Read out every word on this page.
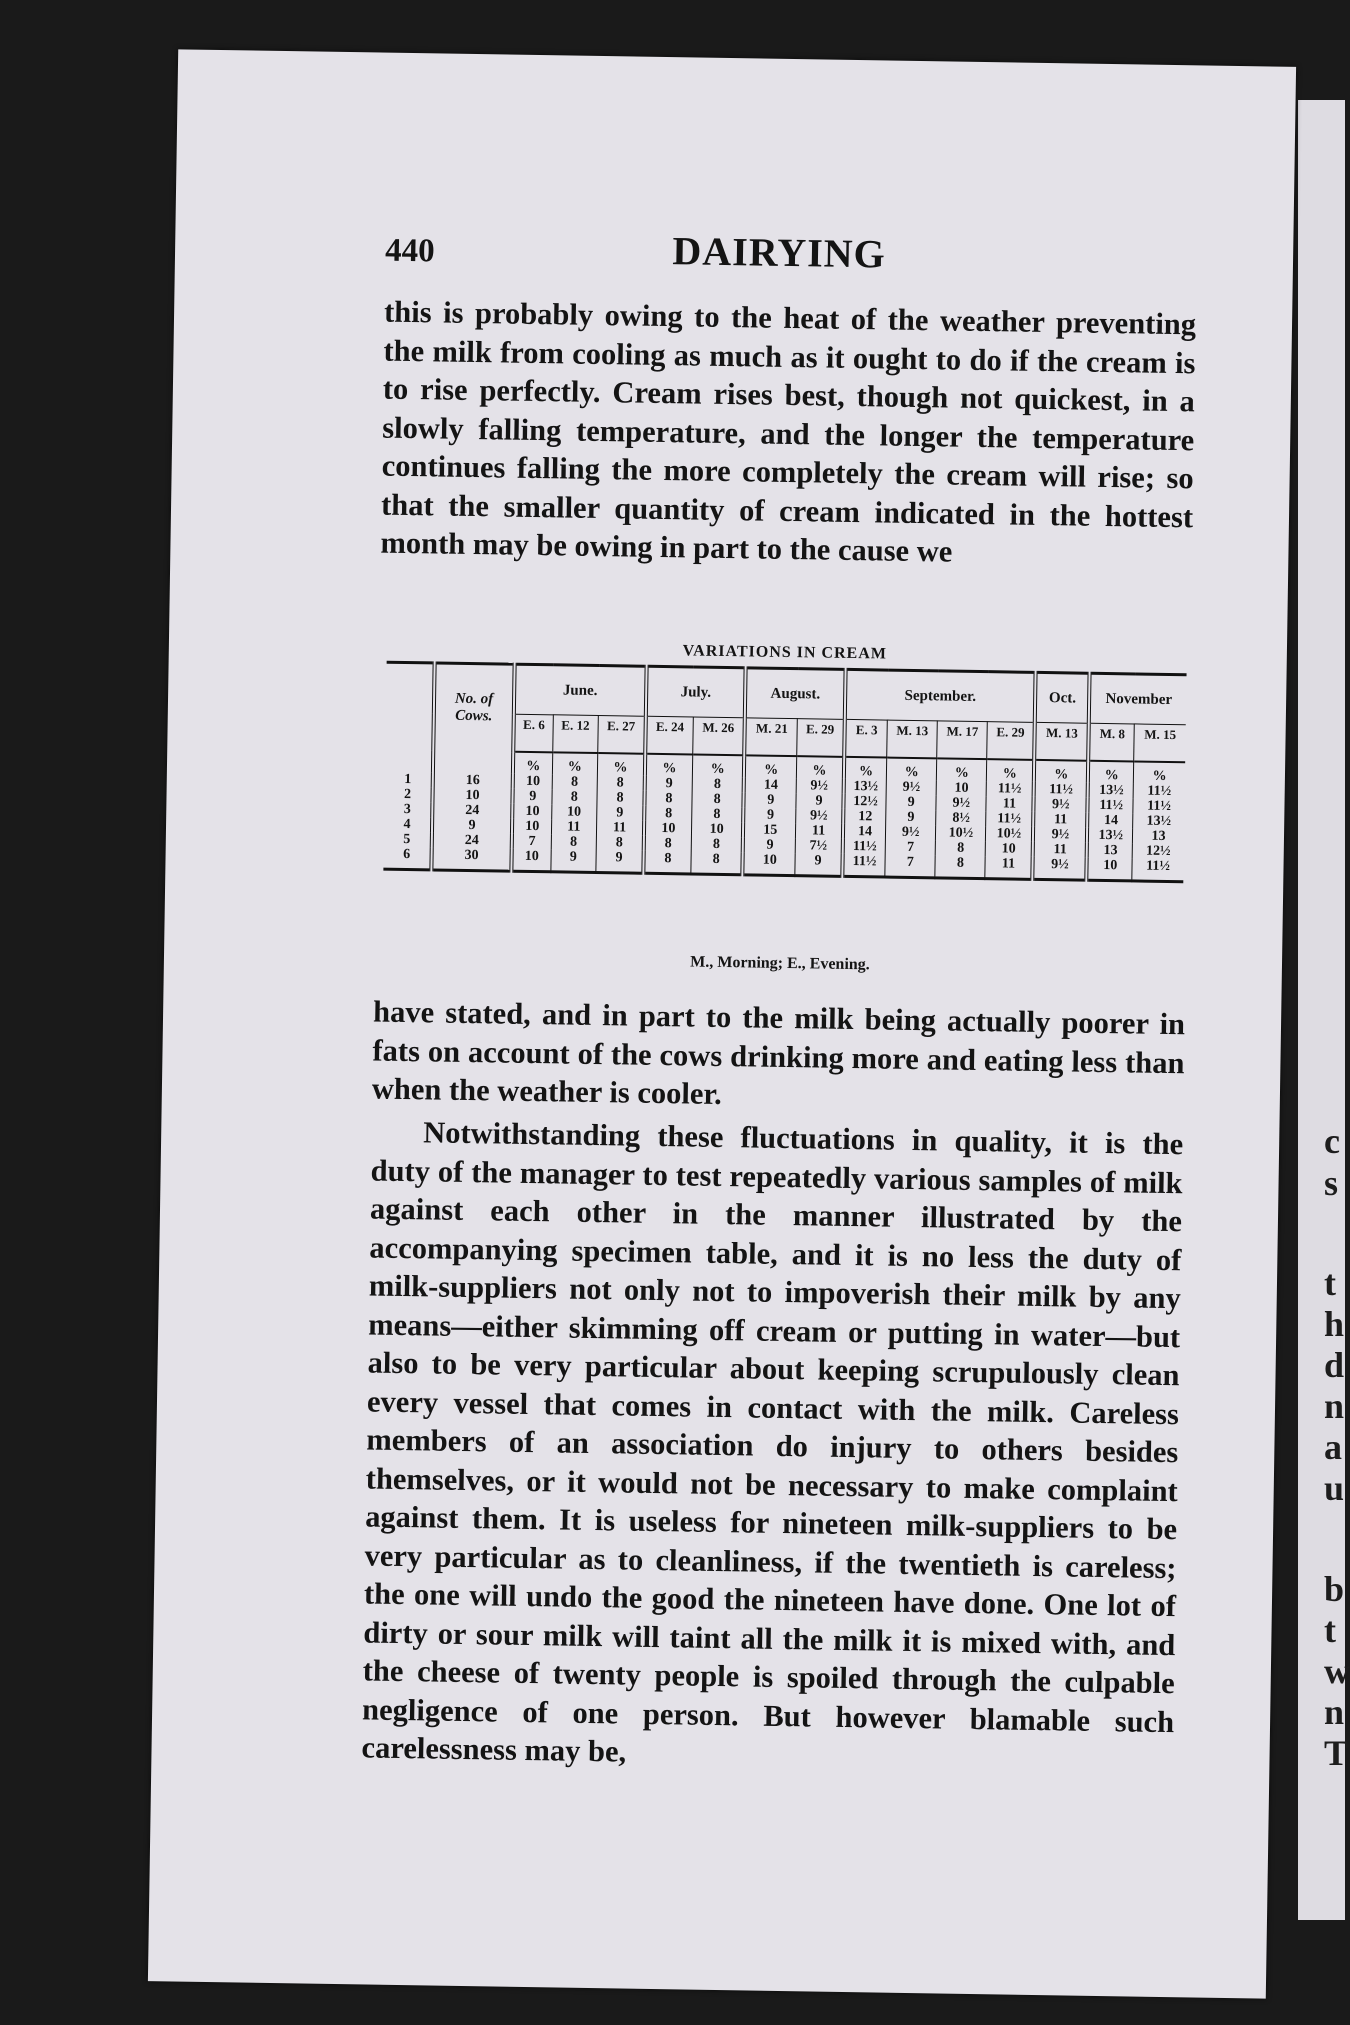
c
s
t
h
d
n
a
u
b
t
w
n
T
440	DAIRYING

this is probably owing to the heat of the weather preventing the milk from cooling as much as it ought to do if the cream is to rise perfectly. Cream rises best, though not quickest, in a slowly falling temperature, and the longer the temperature continues falling the more completely the cream will rise; so that the smaller quantity of cream indicated in the hottest month may be owing in part to the cause we

VARIATIONS IN CREAM
	No. of Cows.	June.			July.		August.		September.				Oct.	November	
		E. 6	E. 12	E. 27	E. 24	M. 26	M. 21	E. 29	E. 3	M. 13	M. 17	E. 29	M. 13	M. 8	M. 15
		%	%	%	%	%	%	%	%	%	%	%	%	%	%
1	16	10	8	8	9	8	14	9½	13½	9½	10	11½	11½	13½	11½
2	10	9	8	8	8	8	9	9	12½	9	9½	11	9½	11½	11½
3	24	10	10	9	8	8	9	9½	12	9	8½	11½	11	14	13½
4	9	10	11	11	10	10	15	11	14	9½	10½	10½	9½	13½	13
5	24	7	8	8	8	8	9	7½	11½	7	8	10	11	13	12½
6	30	10	9	9	8	8	10	9	11½	7	8	11	9½	10	11½
M., Morning; E., Evening.

have stated, and in part to the milk being actually poorer in fats on account of the cows drinking more and eating less than when the weather is cooler.

Notwithstanding these fluctuations in quality, it is the duty of the manager to test repeatedly various samples of milk against each other in the manner illustrated by the accompanying specimen table, and it is no less the duty of milk-suppliers not only not to impoverish their milk by any means—either skimming off cream or putting in water—but also to be very particular about keeping scrupulously clean every vessel that comes in contact with the milk. Careless members of an association do injury to others besides themselves, or it would not be necessary to make complaint against them. It is useless for nineteen milk-suppliers to be very particular as to cleanliness, if the twentieth is careless; the one will undo the good the nineteen have done. One lot of dirty or sour milk will taint all the milk it is mixed with, and the cheese of twenty people is spoiled through the culpable negligence of one person. But however blamable such carelessness may be,
